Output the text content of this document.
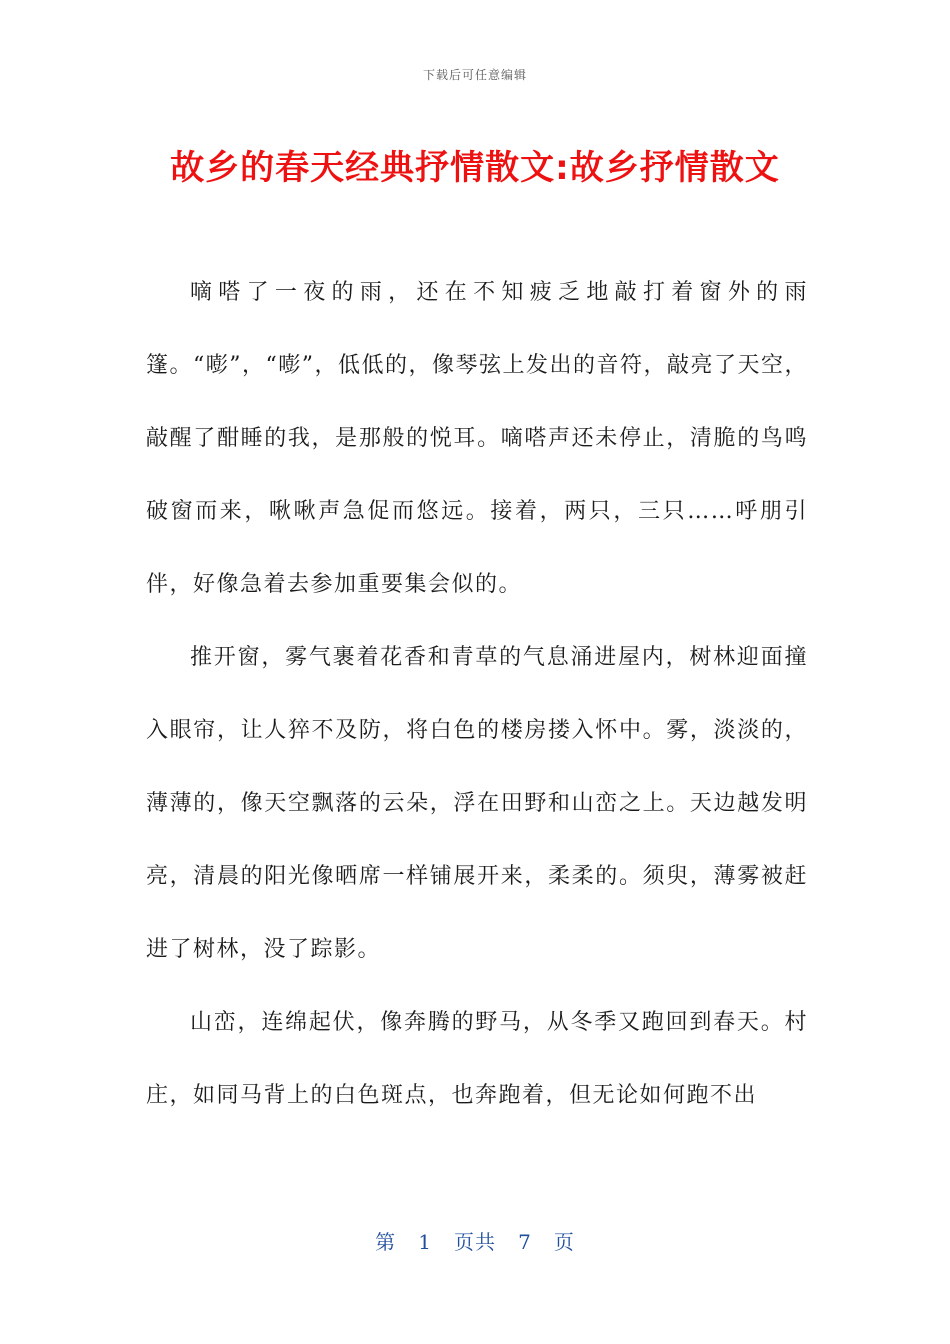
下载后可任意编辑
故乡的春天经典抒情散文:故乡抒情散文

嘀嗒了一夜的雨，还在不知疲乏地敲打着窗外的雨篷。“嘭”，“嘭”，低低的，像琴弦上发出的音符，敲亮了天空，敲醒了酣睡的我，是那般的悦耳。嘀嗒声还未停止，清脆的鸟鸣破窗而来，啾啾声急促而悠远。接着，两只，三只……呼朋引伴，好像急着去参加重要集会似的。

推开窗，雾气裹着花香和青草的气息涌进屋内，树林迎面撞入眼帘，让人猝不及防，将白色的楼房搂入怀中。雾，淡淡的，薄薄的，像天空飘落的云朵，浮在田野和山峦之上。天边越发明亮，清晨的阳光像晒席一样铺展开来，柔柔的。须臾，薄雾被赶进了树林，没了踪影。

山峦，连绵起伏，像奔腾的野马，从冬季又跑回到春天。村庄，如同马背上的白色斑点，也奔跑着，但无论如何跑不出

第 1 页共 7 页
